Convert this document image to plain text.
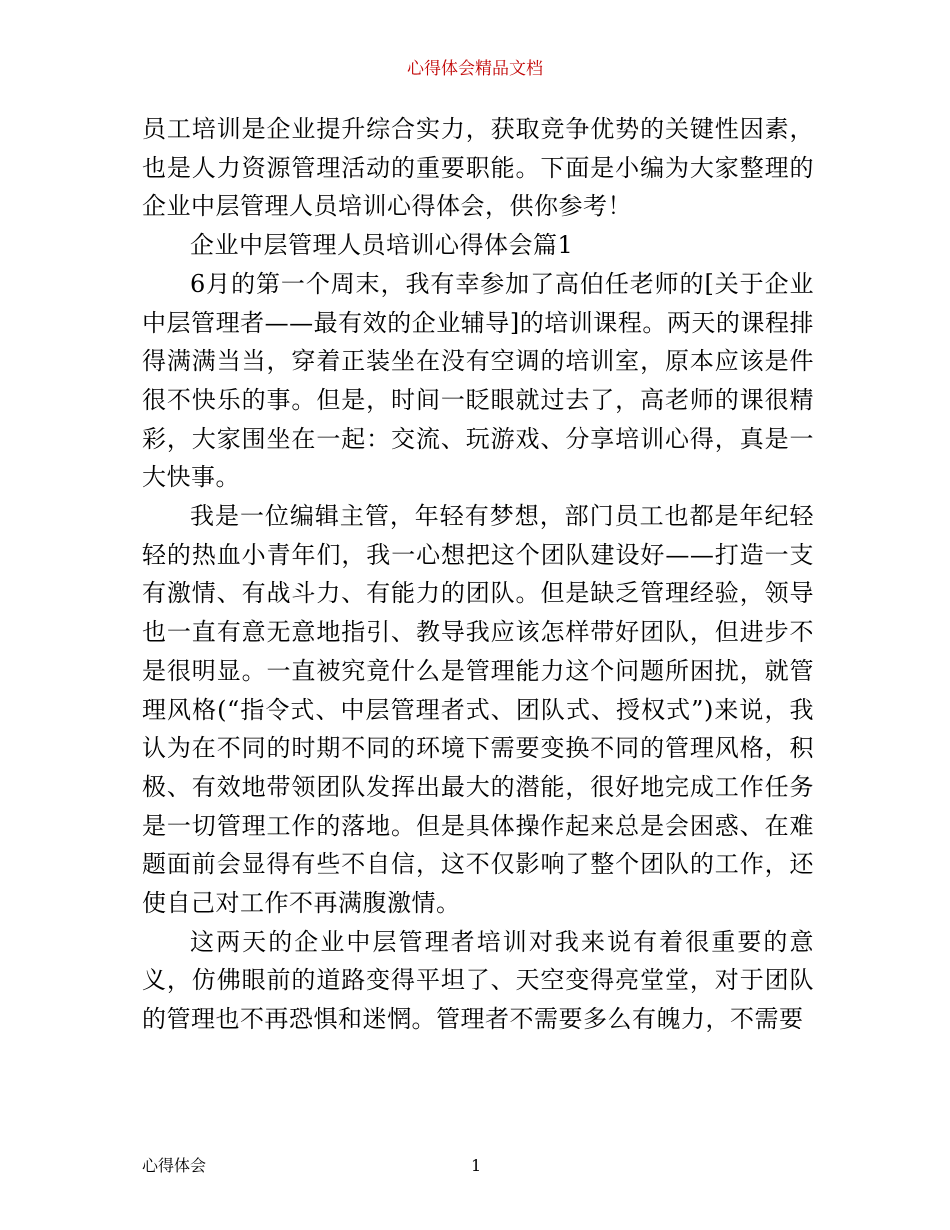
心得体会精品文档

员工培训是企业提升综合实力，获取竞争优势的关键性因素，也是人力资源管理活动的重要职能。下面是小编为大家整理的企业中层管理人员培训心得体会，供你参考！

企业中层管理人员培训心得体会篇1

6月的第一个周末，我有幸参加了高伯任老师的[关于企业中层管理者——最有效的企业辅导]的培训课程。两天的课程排得满满当当，穿着正装坐在没有空调的培训室，原本应该是件很不快乐的事。但是，时间一眨眼就过去了，高老师的课很精彩，大家围坐在一起：交流、玩游戏、分享培训心得，真是一大快事。

我是一位编辑主管，年轻有梦想，部门员工也都是年纪轻轻的热血小青年们，我一心想把这个团队建设好——打造一支有激情、有战斗力、有能力的团队。但是缺乏管理经验，领导也一直有意无意地指引、教导我应该怎样带好团队，但进步不是很明显。一直被究竟什么是管理能力这个问题所困扰，就管理风格(“指令式、中层管理者式、团队式、授权式”)来说，我认为在不同的时期不同的环境下需要变换不同的管理风格，积极、有效地带领团队发挥出最大的潜能，很好地完成工作任务是一切管理工作的落地。但是具体操作起来总是会困惑、在难题面前会显得有些不自信，这不仅影响了整个团队的工作，还使自己对工作不再满腹激情。

这两天的企业中层管理者培训对我来说有着很重要的意义，仿佛眼前的道路变得平坦了、天空变得亮堂堂，对于团队的管理也不再恐惧和迷惘。管理者不需要多么有魄力，不需要

心得体会	1
